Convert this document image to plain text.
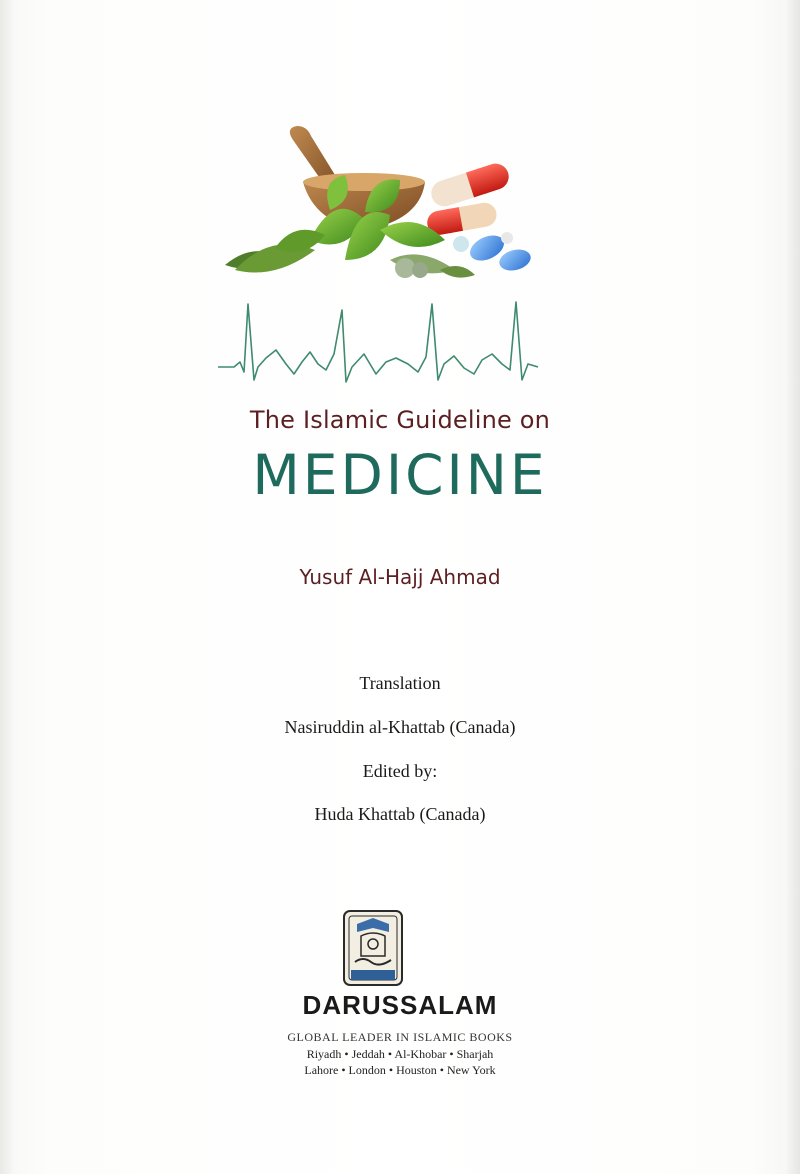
The Islamic Guideline on
MEDICINE
Yusuf Al-Hajj Ahmad
Translation
Nasiruddin al-Khattab (Canada)
Edited by:
Huda Khattab (Canada)
DARUSSALAM
GLOBAL LEADER IN ISLAMIC BOOKS
Riyadh • Jeddah • Al-Khobar • Sharjah
Lahore • London • Houston • New York
